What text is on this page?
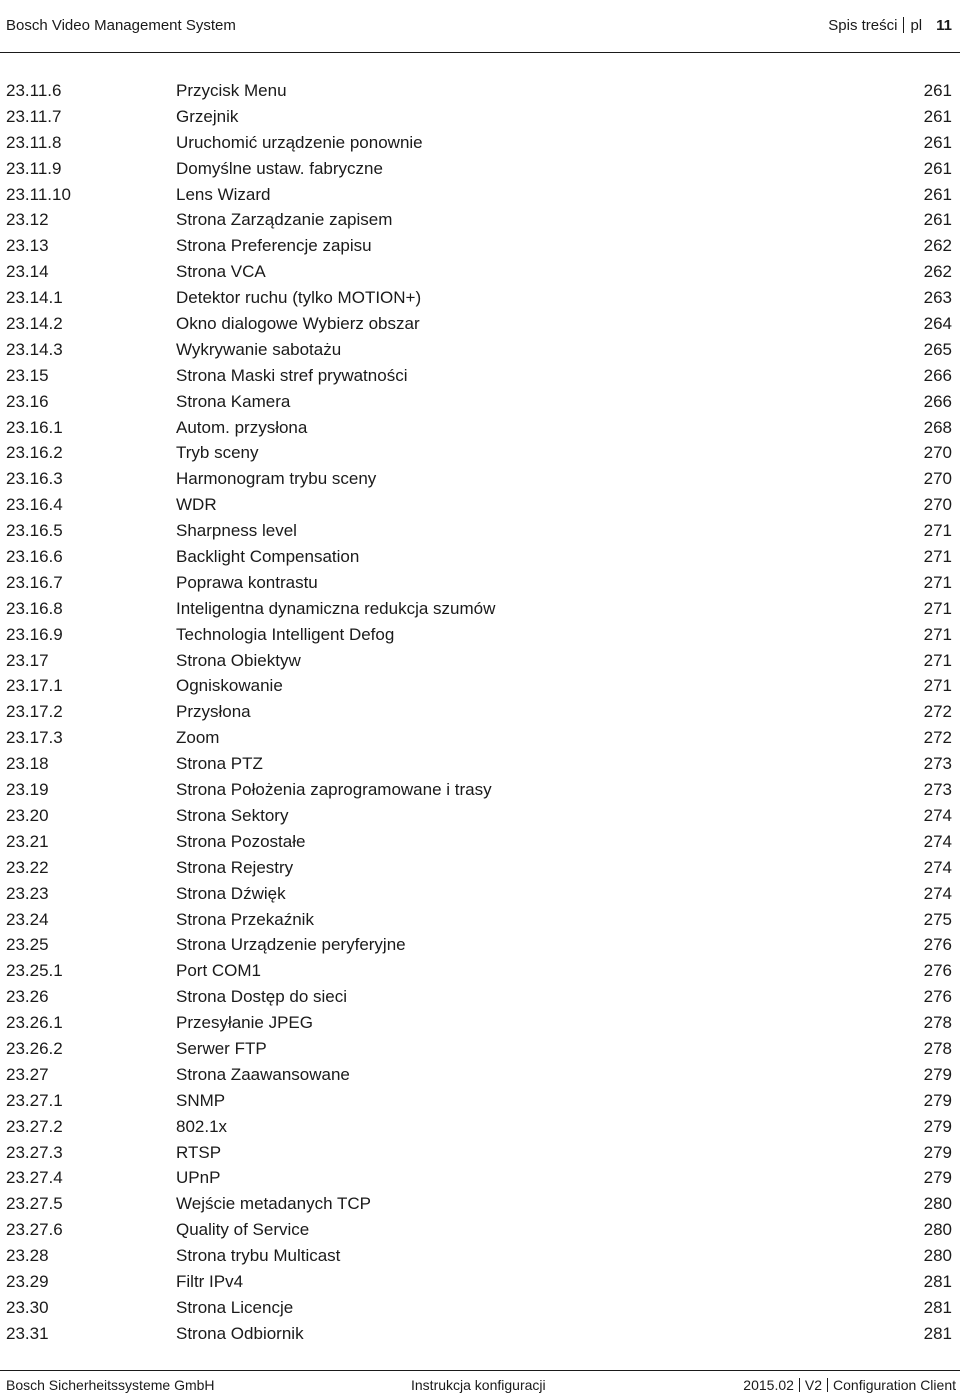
Bosch Video Management System	Spis treści pl 11
23.11.6	Przycisk Menu	261
23.11.7	Grzejnik	261
23.11.8	Uruchomić urządzenie ponownie	261
23.11.9	Domyślne ustaw. fabryczne	261
23.11.10	Lens Wizard	261
23.12	Strona Zarządzanie zapisem	261
23.13	Strona Preferencje zapisu	262
23.14	Strona VCA	262
23.14.1	Detektor ruchu (tylko MOTION+)	263
23.14.2	Okno dialogowe Wybierz obszar	264
23.14.3	Wykrywanie sabotażu	265
23.15	Strona Maski stref prywatności	266
23.16	Strona Kamera	266
23.16.1	Autom. przysłona	268
23.16.2	Tryb sceny	270
23.16.3	Harmonogram trybu sceny	270
23.16.4	WDR	270
23.16.5	Sharpness level	271
23.16.6	Backlight Compensation	271
23.16.7	Poprawa kontrastu	271
23.16.8	Inteligentna dynamiczna redukcja szumów	271
23.16.9	Technologia Intelligent Defog	271
23.17	Strona Obiektyw	271
23.17.1	Ogniskowanie	271
23.17.2	Przysłona	272
23.17.3	Zoom	272
23.18	Strona PTZ	273
23.19	Strona Położenia zaprogramowane i trasy	273
23.20	Strona Sektory	274
23.21	Strona Pozostałe	274
23.22	Strona Rejestry	274
23.23	Strona Dźwięk	274
23.24	Strona Przekaźnik	275
23.25	Strona Urządzenie peryferyjne	276
23.25.1	Port COM1	276
23.26	Strona Dostęp do sieci	276
23.26.1	Przesyłanie JPEG	278
23.26.2	Serwer FTP	278
23.27	Strona Zaawansowane	279
23.27.1	SNMP	279
23.27.2	802.1x	279
23.27.3	RTSP	279
23.27.4	UPnP	279
23.27.5	Wejście metadanych TCP	280
23.27.6	Quality of Service	280
23.28	Strona trybu Multicast	280
23.29	Filtr IPv4	281
23.30	Strona Licencje	281
23.31	Strona Odbiornik	281
Bosch Sicherheitssysteme GmbH	Instrukcja konfiguracji	2015.02 V2 Configuration Client
